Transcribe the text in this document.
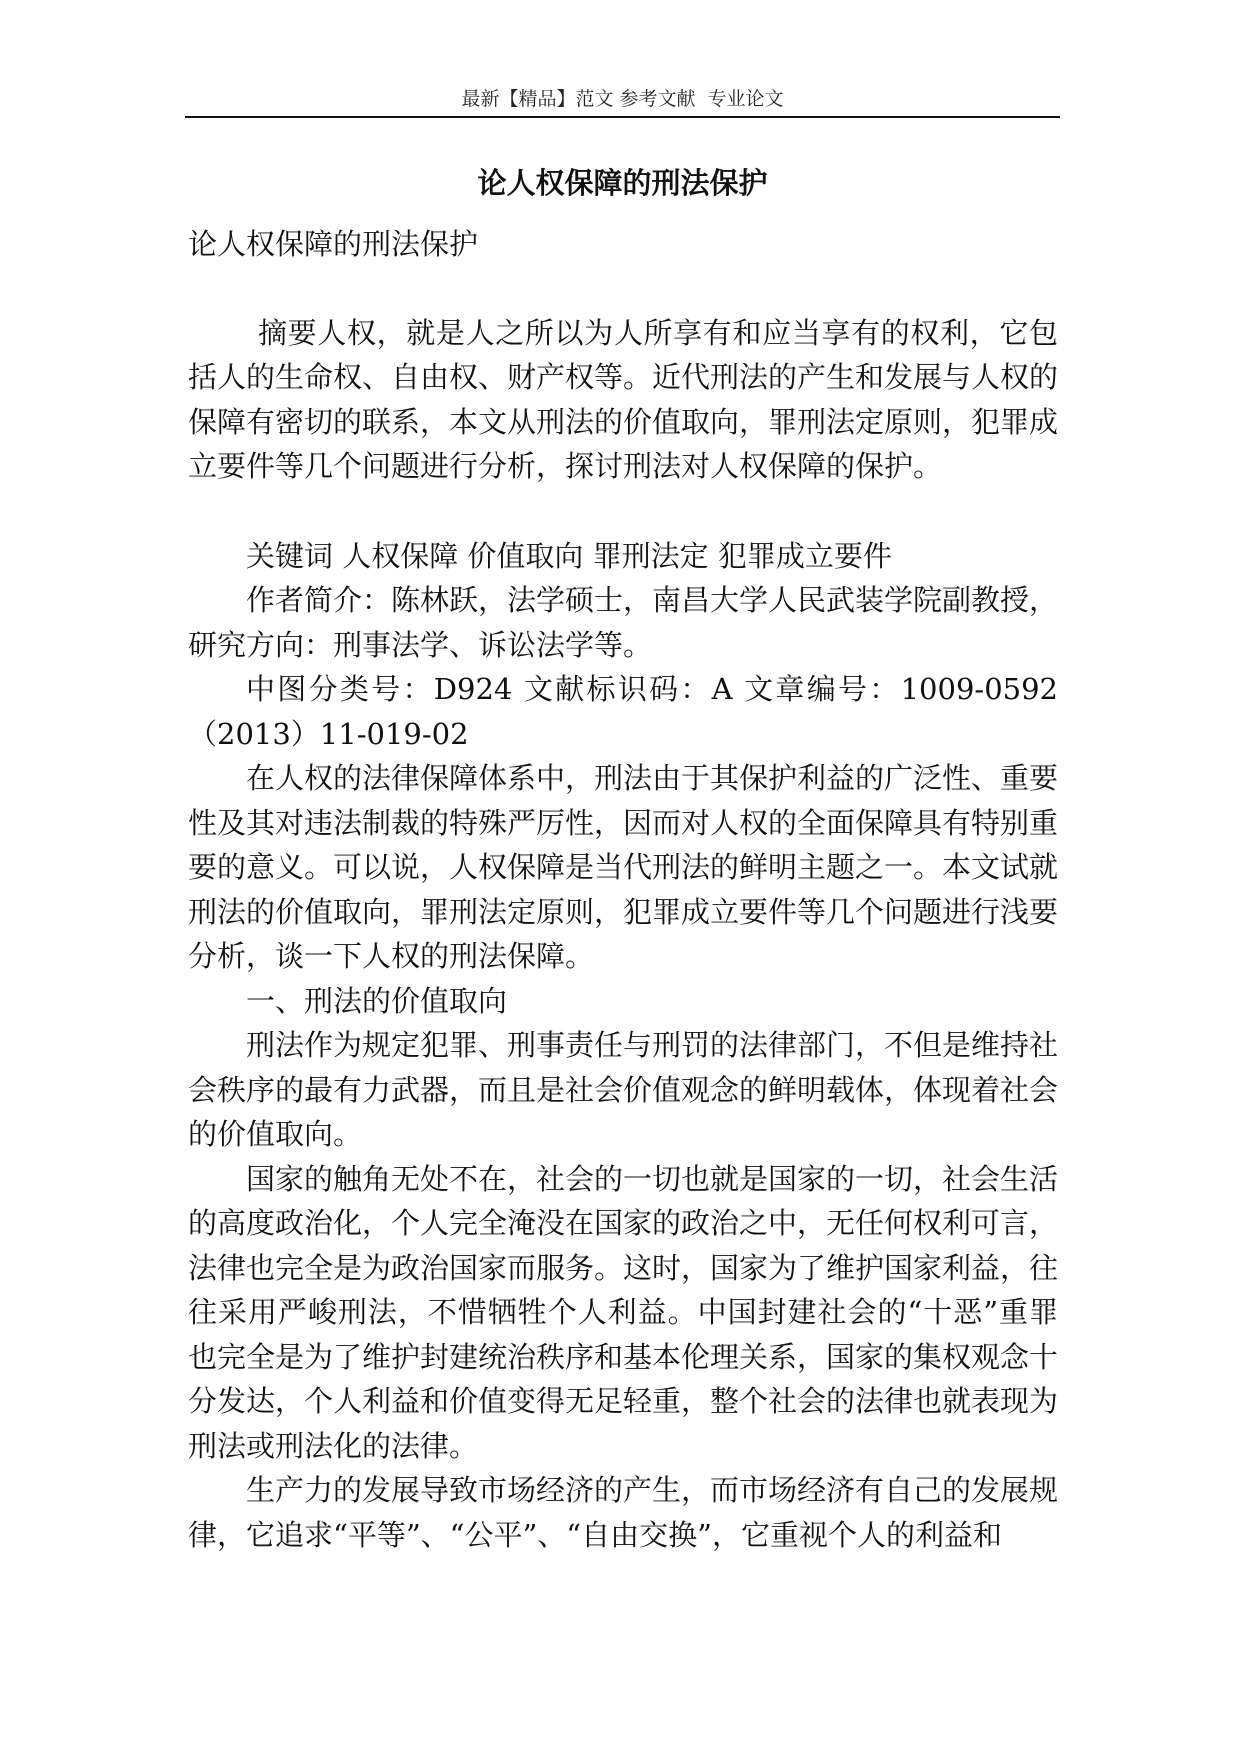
最新【精品】范文 参考文献  专业论文
论人权保障的刑法保护

论人权保障的刑法保护

摘要人权，就是人之所以为人所享有和应当享有的权利，它包括人的生命权、自由权、财产权等。近代刑法的产生和发展与人权的保障有密切的联系，本文从刑法的价值取向，罪刑法定原则，犯罪成立要件等几个问题进行分析，探讨刑法对人权保障的保护。

关键词 人权保障 价值取向 罪刑法定 犯罪成立要件

作者简介：陈林跃，法学硕士，南昌大学人民武装学院副教授，研究方向：刑事法学、诉讼法学等。

中图分类号：D924 文献标识码：A 文章编号：1009-0592（2013）11-019-02

在人权的法律保障体系中，刑法由于其保护利益的广泛性、重要性及其对违法制裁的特殊严厉性，因而对人权的全面保障具有特别重要的意义。可以说，人权保障是当代刑法的鲜明主题之一。本文试就刑法的价值取向，罪刑法定原则，犯罪成立要件等几个问题进行浅要分析，谈一下人权的刑法保障。

一、刑法的价值取向

刑法作为规定犯罪、刑事责任与刑罚的法律部门，不但是维持社会秩序的最有力武器，而且是社会价值观念的鲜明载体，体现着社会的价值取向。

国家的触角无处不在，社会的一切也就是国家的一切，社会生活的高度政治化，个人完全淹没在国家的政治之中，无任何权利可言，法律也完全是为政治国家而服务。这时，国家为了维护国家利益，往往采用严峻刑法，不惜牺牲个人利益。中国封建社会的“十恶”重罪也完全是为了维护封建统治秩序和基本伦理关系，国家的集权观念十分发达，个人利益和价值变得无足轻重，整个社会的法律也就表现为刑法或刑法化的法律。

生产力的发展导致市场经济的产生，而市场经济有自己的发展规律，它追求“平等”、“公平”、“自由交换”，它重视个人的利益和
